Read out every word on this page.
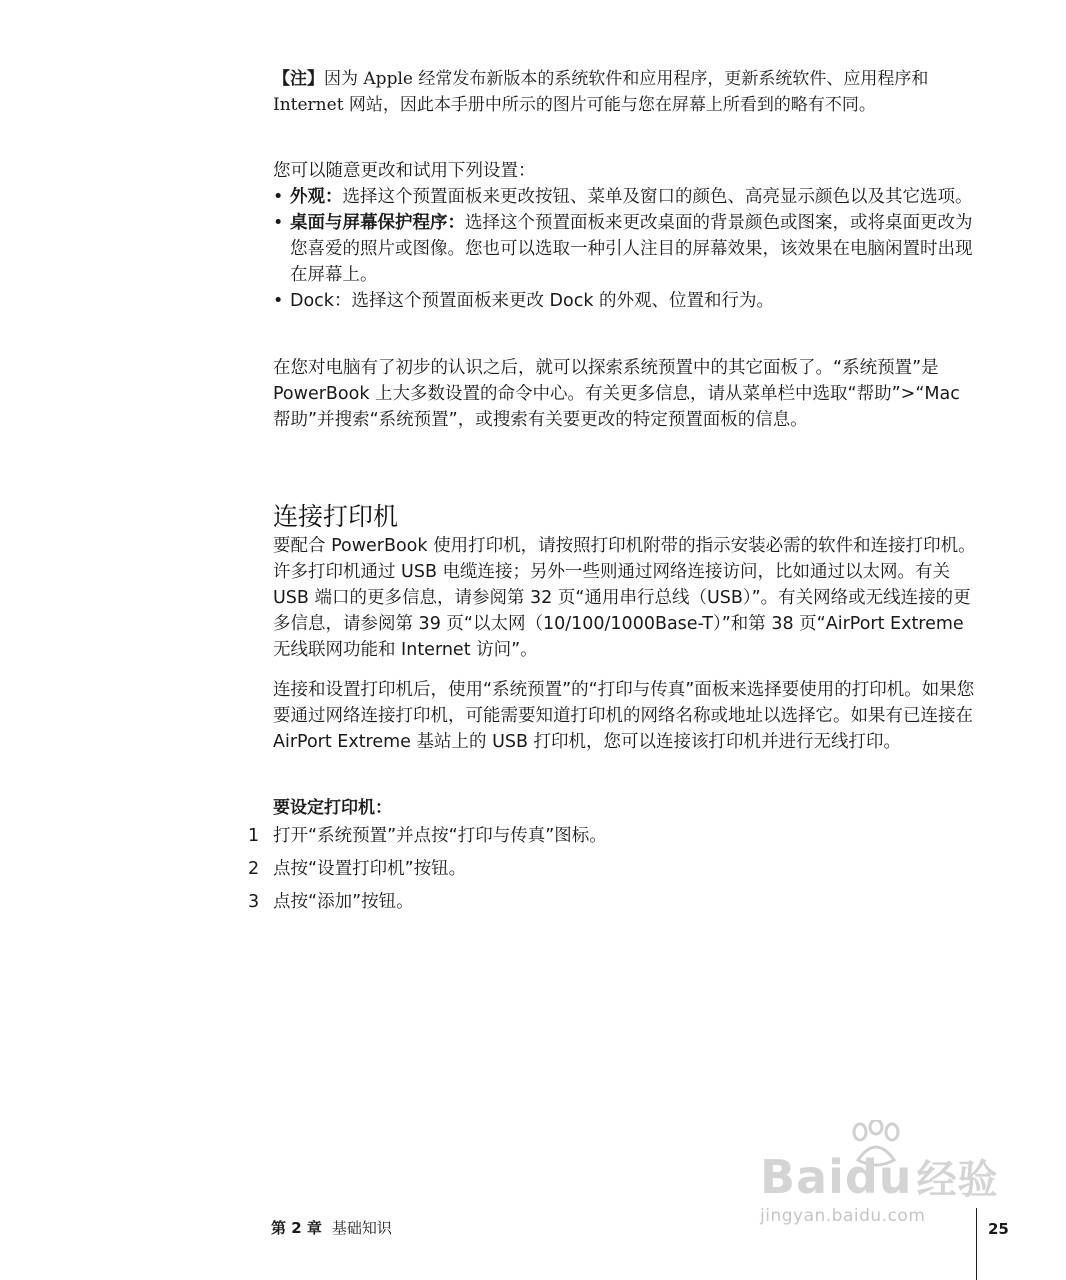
【注】因为 Apple 经常发布新版本的系统软件和应用程序，更新系统软件、应用程序和 Internet 网站，因此本手册中所示的图片可能与您在屏幕上所看到的略有不同。

您可以随意更改和试用下列设置：

• 外观：选择这个预置面板来更改按钮、菜单及窗口的颜色、高亮显示颜色以及其它选项。
• 桌面与屏幕保护程序：选择这个预置面板来更改桌面的背景颜色或图案，或将桌面更改为您喜爱的照片或图像。您也可以选取一种引人注目的屏幕效果，该效果在电脑闲置时出现在屏幕上。
• Dock：选择这个预置面板来更改 Dock 的外观、位置和行为。

在您对电脑有了初步的认识之后，就可以探索系统预置中的其它面板了。“系统预置”是 PowerBook 上大多数设置的命令中心。有关更多信息，请从菜单栏中选取“帮助”>“Mac 帮助”并搜索“系统预置”，或搜索有关要更改的特定预置面板的信息。

连接打印机

要配合 PowerBook 使用打印机，请按照打印机附带的指示安装必需的软件和连接打印机。许多打印机通过 USB 电缆连接；另外一些则通过网络连接访问，比如通过以太网。有关 USB 端口的更多信息，请参阅第 32 页“通用串行总线（USB）”。有关网络或无线连接的更多信息，请参阅第 39 页“以太网（10/100/1000Base-T）”和第 38 页“AirPort Extreme 无线联网功能和 Internet 访问”。

连接和设置打印机后，使用“系统预置”的“打印与传真”面板来选择要使用的打印机。如果您要通过网络连接打印机，可能需要知道打印机的网络名称或地址以选择它。如果有已连接在 AirPort Extreme 基站上的 USB 打印机，您可以连接该打印机并进行无线打印。

要设定打印机：
1 打开“系统预置”并点按“打印与传真”图标。
2 点按“设置打印机”按钮。
3 点按“添加”按钮。
Baidu 经验
jingyan.baidu.com
第 2 章 基础知识	25
